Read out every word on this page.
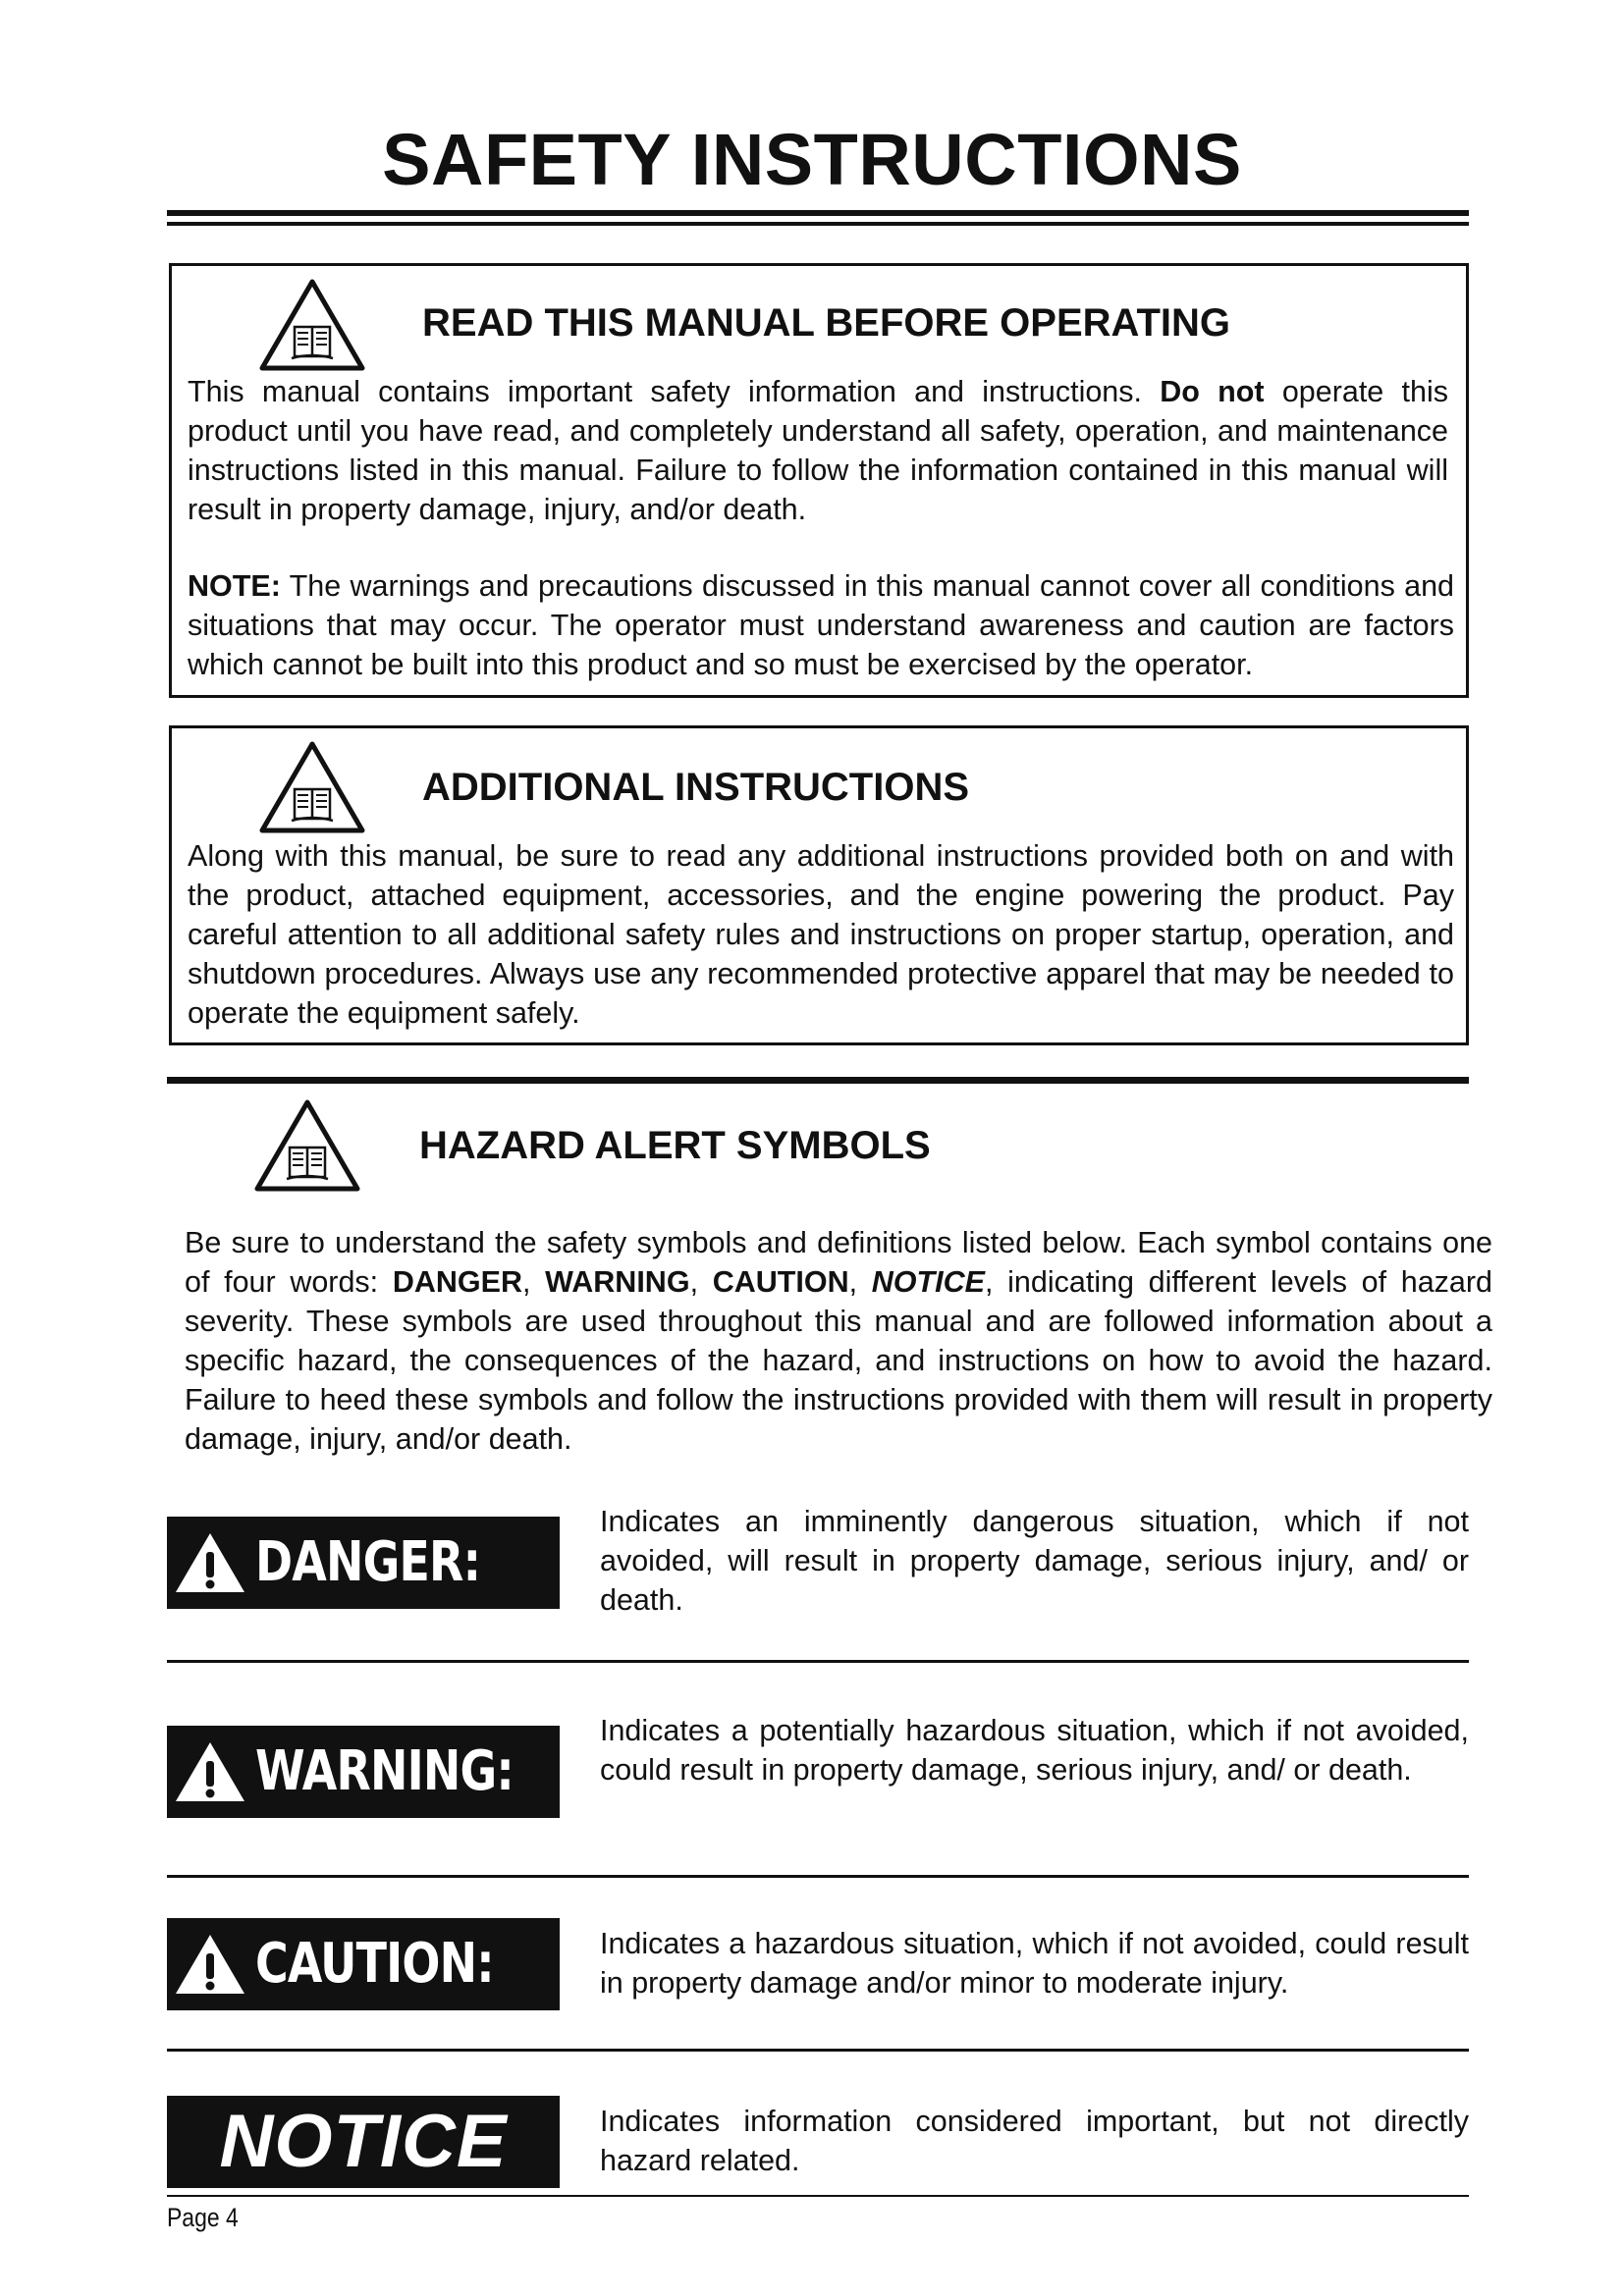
SAFETY INSTRUCTIONS
READ THIS MANUAL BEFORE OPERATING
This manual contains important safety information and instructions. Do not operate this product until you have read, and completely understand all safety, operation, and maintenance instructions listed in this manual. Failure to follow the information contained in this manual will result in property damage, injury, and/or death.
NOTE: The warnings and precautions discussed in this manual cannot cover all conditions and situations that may occur. The operator must understand awareness and caution are factors which cannot be built into this product and so must be exercised by the operator.
ADDITIONAL INSTRUCTIONS
Along with this manual, be sure to read any additional instructions provided both on and with the product, attached equipment, accessories, and the engine powering the product. Pay careful attention to all additional safety rules and instructions on proper startup, operation, and shutdown procedures. Always use any recommended protective apparel that may be needed to operate the equipment safely.
HAZARD ALERT SYMBOLS
Be sure to understand the safety symbols and definitions listed below. Each symbol contains one of four words: DANGER, WARNING, CAUTION, NOTICE, indicating different levels of hazard severity. These symbols are used throughout this manual and are followed information about a specific hazard, the consequences of the hazard, and instructions on how to avoid the hazard. Failure to heed these symbols and follow the instructions provided with them will result in property damage, injury, and/or death.
DANGER:
Indicates an imminently dangerous situation, which if not avoided, will result in property damage, serious injury, and/ or death.
WARNING:
Indicates a potentially hazardous situation, which if not avoided, could result in property damage, serious injury, and/ or death.
CAUTION:	Indicates a hazardous situation, which if not avoided, could result in property damage and/or minor to moderate injury.
NOTICE	Indicates information considered important, but not directly hazard related.
Page 4
